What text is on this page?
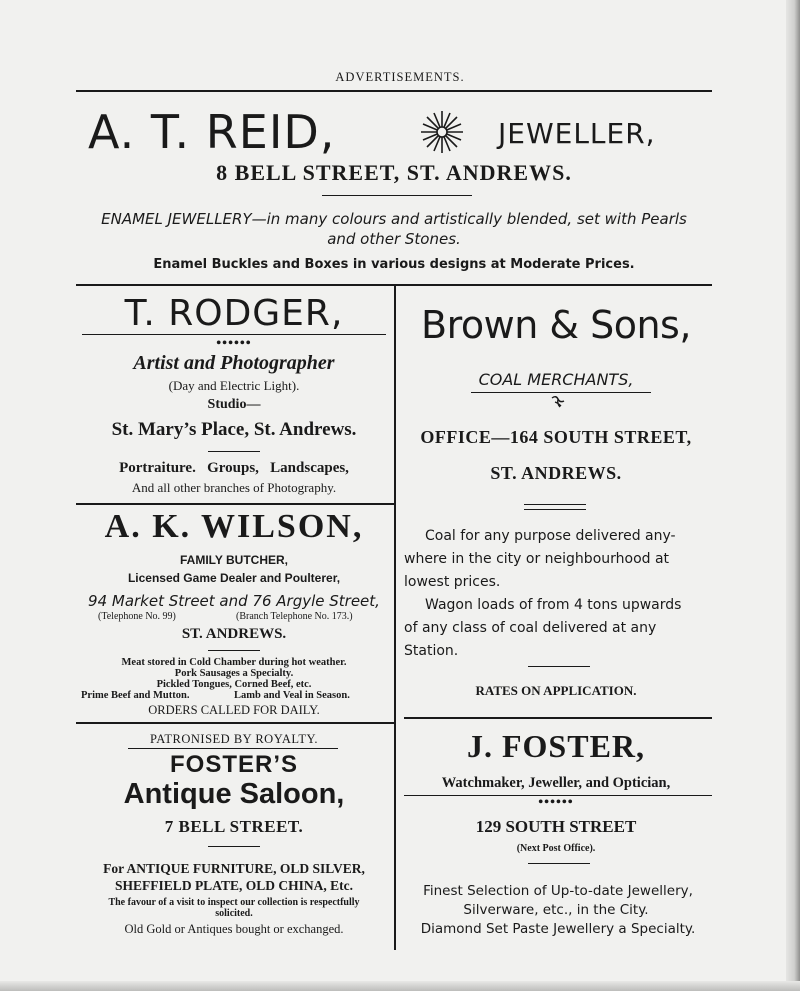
ADVERTISEMENTS.
A. T. REID,	JEWELLER,
8 BELL STREET, ST. ANDREWS.
ENAMEL JEWELLERY—in many colours and artistically blended, set with Pearls
and other Stones.
Enamel Buckles and Boxes in various designs at Moderate Prices.
T. RODGER,
••••••
Artist and Photographer
(Day and Electric Light).
Studio—
St. Mary’s Place, St. Andrews.
Portraiture.   Groups,   Landscapes,
And all other branches of Photography.
A. K. WILSON,
FAMILY BUTCHER,
Licensed Game Dealer and Poulterer,
94 Market Street and 76 Argyle Street,
(Telephone No. 99)	(Branch Telephone No. 173.)
ST. ANDREWS.
Meat stored in Cold Chamber during hot weather.
Pork Sausages a Specialty.
Pickled Tongues, Corned Beef, etc.
Prime Beef and Mutton.	Lamb and Veal in Season.
ORDERS CALLED FOR DAILY.
PATRONISED BY ROYALTY.
FOSTER’S
Antique Saloon,
7 BELL STREET.
For ANTIQUE FURNITURE, OLD SILVER,
SHEFFIELD PLATE, OLD CHINA, Etc.
The favour of a visit to inspect our collection is respectfully
solicited.
Old Gold or Antiques bought or exchanged.
Brown & Sons,
COAL MERCHANTS,
OFFICE—164 SOUTH STREET,
ST. ANDREWS.
Coal for any purpose delivered any-
where in the city or neighbourhood at
lowest prices.
Wagon loads of from 4 tons upwards
of any class of coal delivered at any
Station.
RATES ON APPLICATION.
J. FOSTER,
Watchmaker, Jeweller, and Optician,
••••••
129 SOUTH STREET
(Next Post Office).
Finest Selection of Up-to-date Jewellery,
Silverware, etc., in the City.
Diamond Set Paste Jewellery a Specialty.
